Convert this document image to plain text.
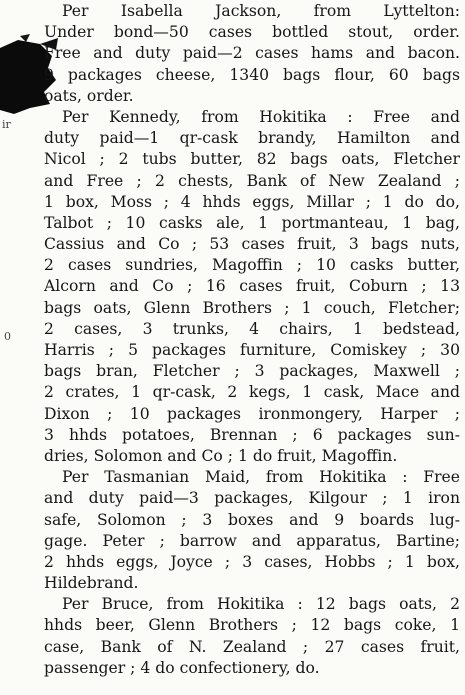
ir
0
Per Isabella Jackson, from Lyttelton:
Under bond—50 cases bottled stout, order.
Free and duty paid—2 cases hams and bacon.
9 packages cheese, 1340 bags flour, 60 bags
oats, order.
Per Kennedy, from Hokitika : Free and
duty paid—1 qr-cask brandy, Hamilton and
Nicol ; 2 tubs butter, 82 bags oats, Fletcher
and Free ; 2 chests, Bank of New Zealand ;
1 box, Moss ; 4 hhds eggs, Millar ; 1 do do,
Talbot ; 10 casks ale, 1 portmanteau, 1 bag,
Cassius and Co ; 53 cases fruit, 3 bags nuts,
2 cases sundries, Magoffin ; 10 casks butter,
Alcorn and Co ; 16 cases fruit, Coburn ; 13
bags oats, Glenn Brothers ; 1 couch, Fletcher;
2 cases, 3 trunks, 4 chairs, 1 bedstead,
Harris ; 5 packages furniture, Comiskey ; 30
bags bran, Fletcher ; 3 packages, Maxwell ;
2 crates, 1 qr-cask, 2 kegs, 1 cask, Mace and
Dixon ; 10 packages ironmongery, Harper ;
3 hhds potatoes, Brennan ; 6 packages sun-
dries, Solomon and Co ; 1 do fruit, Magoffin.
Per Tasmanian Maid, from Hokitika : Free
and duty paid—3 packages, Kilgour ; 1 iron
safe, Solomon ; 3 boxes and 9 boards lug-
gage. Peter ; barrow and apparatus, Bartine;
2 hhds eggs, Joyce ; 3 cases, Hobbs ; 1 box,
Hildebrand.
Per Bruce, from Hokitika : 12 bags oats, 2
hhds beer, Glenn Brothers ; 12 bags coke, 1
case, Bank of N. Zealand ; 27 cases fruit,
passenger ; 4 do confectionery, do.
